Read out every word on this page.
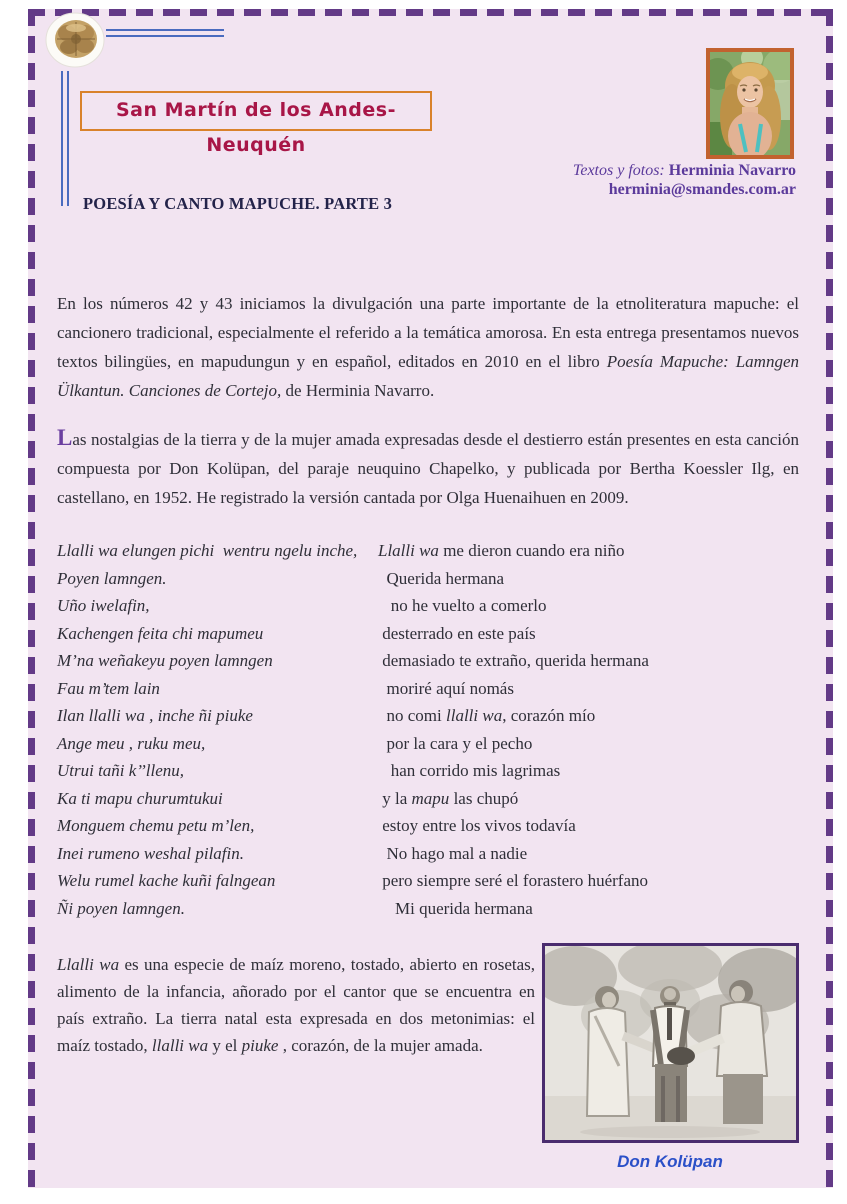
San Martín de los Andes- Neuquén
Textos y fotos: Herminia Navarro
herminia@smandes.com.ar
POESÍA Y CANTO MAPUCHE. PARTE 3
En los números 42 y 43 iniciamos la divulgación una parte importante de la etnoliteratura mapuche: el cancionero tradicional, especialmente el referido a la temática amorosa. En esta entrega presentamos nuevos textos bilingües, en mapudungun y en español, editados en 2010 en el libro Poesía Mapuche: Lamngen Ülkantun. Canciones de Cortejo, de Herminia Navarro.
Las nostalgias de la tierra y de la mujer amada expresadas desde el destierro están presentes en esta canción compuesta por Don Kolüpan, del paraje neuquino Chapelko, y publicada por Bertha Koessler Ilg, en castellano, en 1952. He registrado la versión cantada por Olga Huenaihuen en 2009.
Llalli wa elungen pichi  wentru ngelu inche,	Llalli wa me dieron cuando era niño
Poyen lamngen.	Querida hermana
Uño iwelafin,	no he vuelto a comerlo
Kachengen feita chi mapumeu	desterrado en este país
M’na weñakeyu poyen lamngen	demasiado te extraño, querida hermana
Fau m’tem lain	moriré aquí nomás
Ilan llalli wa , inche ñi piuke	no comi llalli wa, corazón mío
Ange meu , ruku meu,	por la cara y el pecho
Utrui tañi k’’llenu,	han corrido mis lagrimas
Ka ti mapu churumtukui	y la mapu las chupó
Monguem chemu petu m’len,	estoy entre los vivos todavía
Inei rumeno weshal pilafin.	No hago mal a nadie
Welu rumel kache kuñi falngean	pero siempre seré el forastero huérfano
Ñi poyen lamngen.	Mi querida hermana
Llalli wa es una especie de maíz moreno, tostado, abierto en rosetas, alimento de la infancia, añorado por el cantor que se encuentra en país extraño. La tierra natal esta expresada en dos metonimias: el maíz tostado, llalli wa y el piuke , corazón, de la mujer amada.
Don Kolüpan
